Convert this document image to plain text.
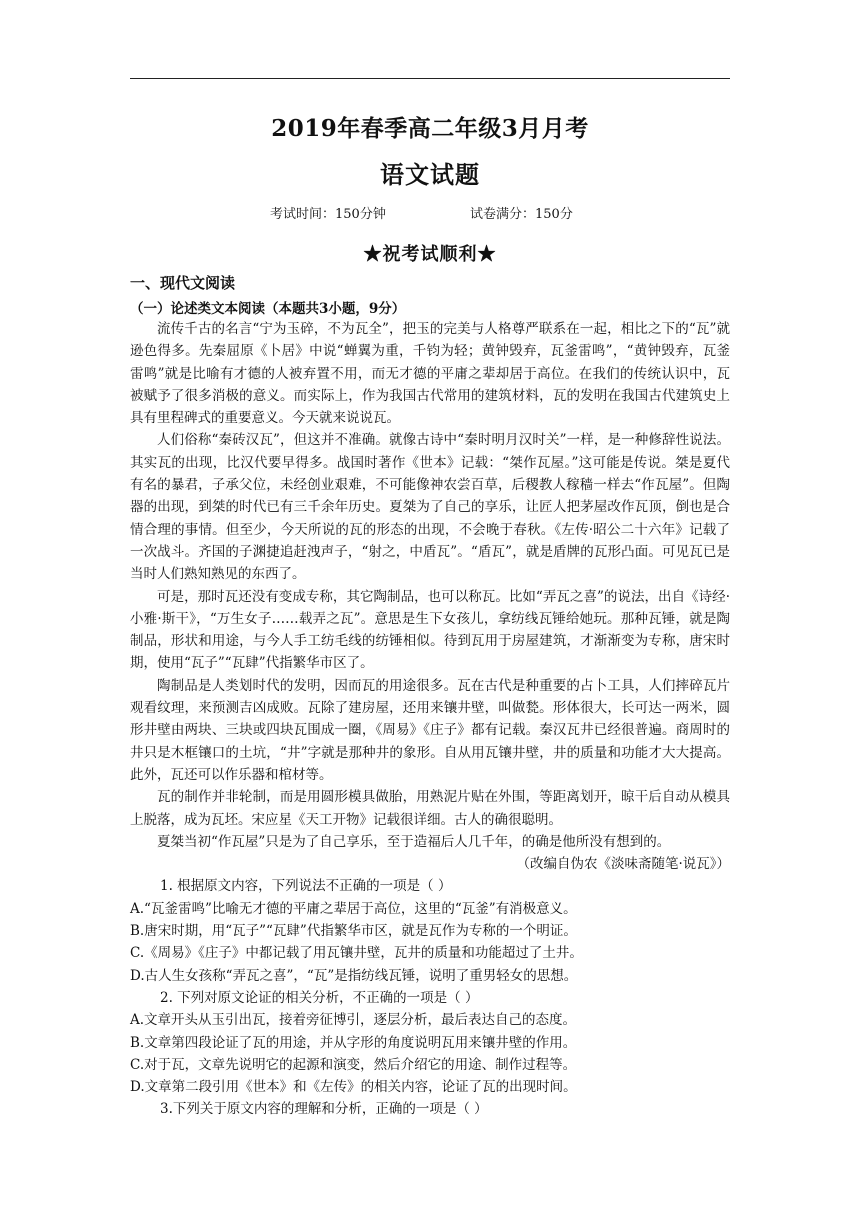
2019年春季高二年级3月月考
语文试题
考试时间：150分钟	试卷满分：150分
★祝考试顺利★
一、现代文阅读
（一）论述类文本阅读（本题共3小题，9分）

流传千古的名言“宁为玉碎，不为瓦全”，把玉的完美与人格尊严联系在一起，相比之下的“瓦”就逊色得多。先秦屈原《卜居》中说“蝉翼为重，千钧为轻；黄钟毁弃，瓦釜雷鸣”，“黄钟毁弃，瓦釜雷鸣”就是比喻有才德的人被弃置不用，而无才德的平庸之辈却居于高位。在我们的传统认识中，瓦被赋予了很多消极的意义。而实际上，作为我国古代常用的建筑材料，瓦的发明在我国古代建筑史上具有里程碑式的重要意义。今天就来说说瓦。

人们俗称“秦砖汉瓦”，但这并不准确。就像古诗中“秦时明月汉时关”一样，是一种修辞性说法。其实瓦的出现，比汉代要早得多。战国时著作《世本》记载：“桀作瓦屋。”这可能是传说。桀是夏代有名的暴君，子承父位，未经创业艰难，不可能像神农尝百草，后稷教人稼穑一样去“作瓦屋”。但陶器的出现，到桀的时代已有三千余年历史。夏桀为了自己的享乐，让匠人把茅屋改作瓦顶，倒也是合情合理的事情。但至少，今天所说的瓦的形态的出现，不会晚于春秋。《左传·昭公二十六年》记载了一次战斗。齐国的子渊捷追赶洩声子，“射之，中盾瓦”。“盾瓦”，就是盾牌的瓦形凸面。可见瓦已是当时人们熟知熟见的东西了。

可是，那时瓦还没有变成专称，其它陶制品，也可以称瓦。比如“弄瓦之喜”的说法，出自《诗经·小雅·斯干》，“万生女子……载弄之瓦”。意思是生下女孩儿，拿纺线瓦锤给她玩。那种瓦锤，就是陶制品，形状和用途，与今人手工纺毛线的纺锤相似。待到瓦用于房屋建筑，才渐渐变为专称，唐宋时期，使用“瓦子”“瓦肆”代指繁华市区了。

陶制品是人类划时代的发明，因而瓦的用途很多。瓦在古代是种重要的占卜工具，人们摔碎瓦片观看纹理，来预测吉凶成败。瓦除了建房屋，还用来镶井壁，叫做甃。形体很大，长可达一两米，圆形井壁由两块、三块或四块瓦围成一圈，《周易》《庄子》都有记载。秦汉瓦井已经很普遍。商周时的井只是木框镶口的土坑，“井”字就是那种井的象形。自从用瓦镶井壁，井的质量和功能才大大提高。此外，瓦还可以作乐器和棺材等。

瓦的制作并非轮制，而是用圆形模具做胎，用熟泥片贴在外围，等距离划开，晾干后自动从模具上脱落，成为瓦坯。宋应星《天工开物》记载很详细。古人的确很聪明。

夏桀当初“作瓦屋”只是为了自己享乐，至于造福后人几千年，的确是他所没有想到的。

（改编自伪农《淡味斋随笔·说瓦》）
1. 根据原文内容，下列说法不正确的一项是（ ）
A.“瓦釜雷鸣”比喻无才德的平庸之辈居于高位，这里的“瓦釜”有消极意义。
B.唐宋时期，用“瓦子”“瓦肆”代指繁华市区，就是瓦作为专称的一个明证。
C.《周易》《庄子》中都记载了用瓦镶井壁，瓦井的质量和功能超过了土井。
D.古人生女孩称“弄瓦之喜”，“瓦”是指纺线瓦锤，说明了重男轻女的思想。
2. 下列对原文论证的相关分析，不正确的一项是（ ）
A.文章开头从玉引出瓦，接着旁征博引，逐层分析，最后表达自己的态度。
B.文章第四段论证了瓦的用途，并从字形的角度说明瓦用来镶井壁的作用。
C.对于瓦，文章先说明它的起源和演变，然后介绍它的用途、制作过程等。
D.文章第二段引用《世本》和《左传》的相关内容，论证了瓦的出现时间。
3.下列关于原文内容的理解和分析，正确的一项是（ ）
